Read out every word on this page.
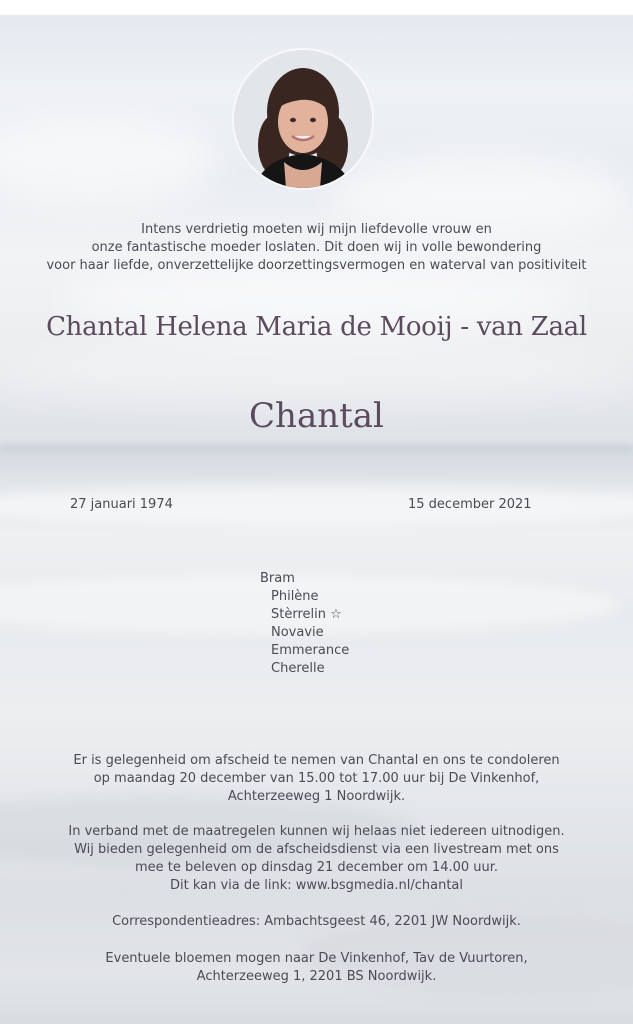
Intens verdrietig moeten wij mijn liefdevolle vrouw en
onze fantastische moeder loslaten. Dit doen wij in volle bewondering
voor haar liefde, onverzettelijke doorzettingsvermogen en waterval van positiviteit
Chantal Helena Maria de Mooij - van Zaal
Chantal
27 januari 1974	15 december 2021
Bram
Philène
Stèrrelin ☆
Novavie
Emmerance
Cherelle
Er is gelegenheid om afscheid te nemen van Chantal en ons te condoleren
op maandag 20 december van 15.00 tot 17.00 uur bij De Vinkenhof,
Achterzeeweg 1 Noordwijk.
In verband met de maatregelen kunnen wij helaas niet iedereen uitnodigen.
Wij bieden gelegenheid om de afscheidsdienst via een livestream met ons
mee te beleven op dinsdag 21 december om 14.00 uur.
Dit kan via de link: www.bsgmedia.nl/chantal
Correspondentieadres: Ambachtsgeest 46, 2201 JW Noordwijk.
Eventuele bloemen mogen naar De Vinkenhof, Tav de Vuurtoren,
Achterzeeweg 1, 2201 BS Noordwijk.
